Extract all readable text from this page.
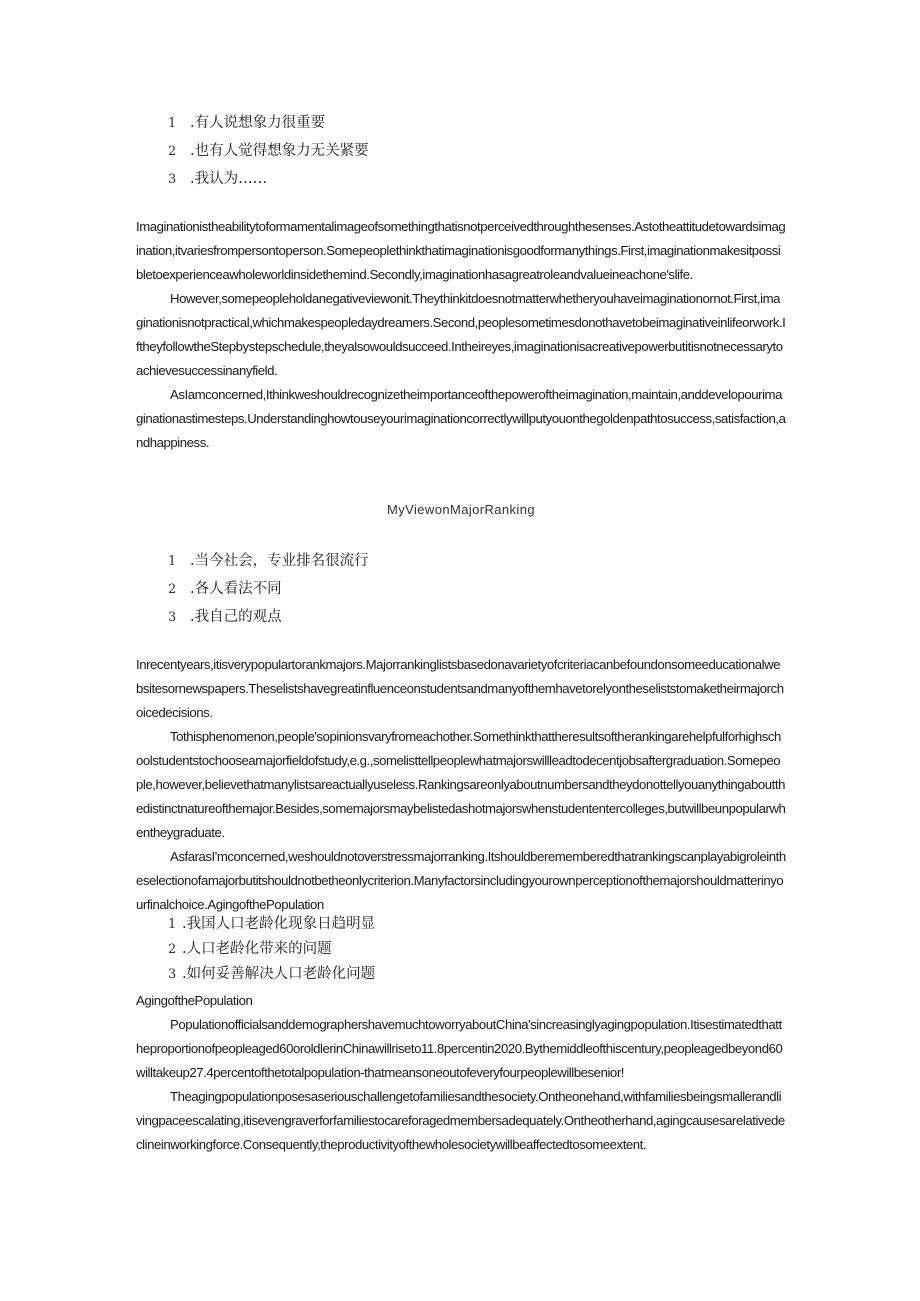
1 .有人说想象力很重要
2 .也有人觉得想象力无关紧要
3 .我认为……

Imaginationistheabilitytoformamentalimageofsomethingthatisnotperceivedthroughthesenses.Astotheattitudetowardsimagination,itvariesfrompersontoperson.Somepeoplethinkthatimaginationisgoodformanythings.First,imaginationmakesitpossibletoexperienceawholeworldinsidethemind.Secondly,imaginationhasagreatroleandvalueineachone'slife.

However,somepeopleholdanegativeviewonit.Theythinkitdoesnotmatterwhetheryouhaveimaginationornot.First,imaginationisnotpractical,whichmakespeopledaydreamers.Second,peoplesometimesdonothavetobeimaginativeinlifeorwork.IftheyfollowtheStepbystepschedule,theyalsowouldsucceed.Intheireyes,imaginationisacreativepowerbutitisnotnecessarytoachievesuccessinanyfield.

AsIamconcerned,Ithinkweshouldrecognizetheimportanceofthepoweroftheimagination,maintain,anddevelopourimaginationastimesteps.Understandinghowtouseyourimaginationcorrectlywillputyouonthegoldenpathtosuccess,satisfaction,andhappiness.

MyViewonMajorRanking
1 .当今社会，专业排名很流行
2 .各人看法不同
3 .我自己的观点

Inrecentyears,itisverypopulartorankmajors.Majorrankinglistsbasedonavarietyofcriteriacanbefoundonsomeeducationalwebsitesornewspapers.Theselistshavegreatinfluenceonstudentsandmanyofthemhavetorelyontheseliststomaketheirmajorchoicedecisions.

Tothisphenomenon,people'sopinionsvaryfromeachother.Somethinkthattheresultsoftherankingarehelpfulforhighschoolstudentstochooseamajorfieldofstudy,e.g.,somelisttellpeoplewhatmajorswillleadtodecentjobsaftergraduation.Somepeople,however,believethatmanylistsareactuallyuseless.Rankingsareonlyaboutnumbersandtheydonottellyouanythingaboutthedistinctnatureofthemajor.Besides,somemajorsmaybelistedashotmajorswhenstudententercolleges,butwillbeunpopularwhentheygraduate.

AsfarasI'mconcerned,weshouldnotoverstressmajorranking.Itshouldberememberedthatrankingscanplayabigroleintheselectionofamajorbutitshouldnotbetheonlycriterion.Manyfactorsincludingyourownperceptionofthemajorshouldmatterinyourfinalchoice.AgingofthePopulation

1 .我国人口老龄化现象日趋明显
2 .人口老龄化带来的问题
3 .如何妥善解决人口老龄化问题

AgingofthePopulation

PopulationofficialsanddemographershavemuchtoworryaboutChina'sincreasinglyagingpopulation.Itisestimatedthattheproportionofpeopleaged60oroldlerinChinawillriseto11.8percentin2020.Bythemiddleofthiscentury,peopleagedbeyond60willtakeup27.4percentofthetotalpopulation-thatmeansoneoutofeveryfourpeoplewillbesenior!

Theagingpopulationposesaseriouschallengetofamiliesandthesociety.Ontheonehand,withfamiliesbeingsmallerandlivingpaceescalating,itisevengraverforfamiliestocareforagedmembersadequately.Ontheotherhand,agingcausesarelativedeclineinworkingforce.Consequently,theproductivityofthewholesocietywillbeaffectedtosomeextent.
